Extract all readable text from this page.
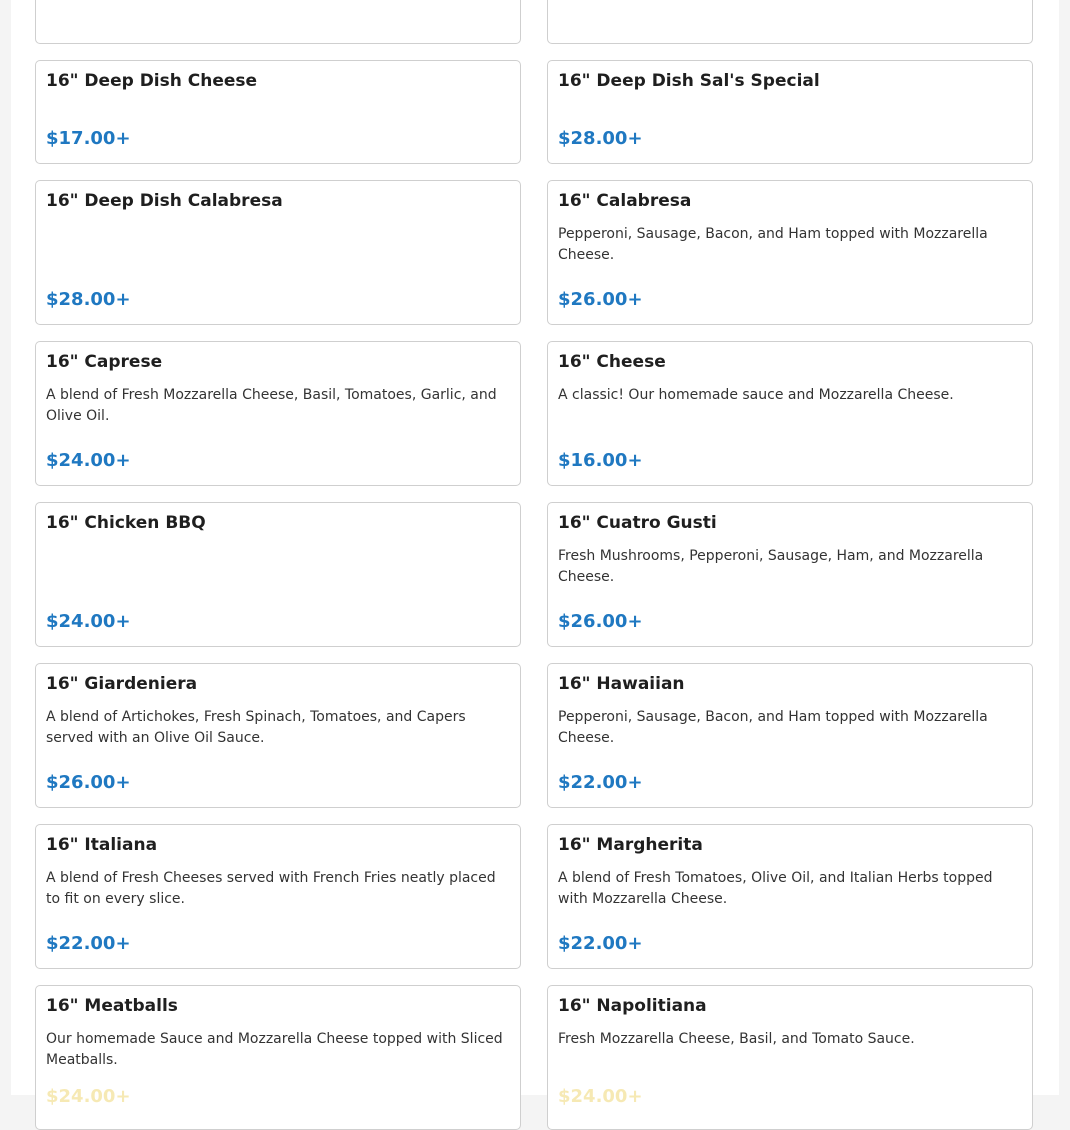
16" Deep Dish Cheese

$17.00+

16" Deep Dish Sal's Special

$28.00+

16" Deep Dish Calabresa

$28.00+

16" Calabresa

Pepperoni, Sausage, Bacon, and Ham topped with Mozzarella Cheese.

$26.00+

16" Caprese

A blend of Fresh Mozzarella Cheese, Basil, Tomatoes, Garlic, and Olive Oil.

$24.00+

16" Cheese

A classic! Our homemade sauce and Mozzarella Cheese.

$16.00+

16" Chicken BBQ

$24.00+

16" Cuatro Gusti

Fresh Mushrooms, Pepperoni, Sausage, Ham, and Mozzarella Cheese.

$26.00+

16" Giardeniera

A blend of Artichokes, Fresh Spinach, Tomatoes, and Capers served with an Olive Oil Sauce.

$26.00+

16" Hawaiian

Pepperoni, Sausage, Bacon, and Ham topped with Mozzarella Cheese.

$22.00+

16" Italiana

A blend of Fresh Cheeses served with French Fries neatly placed to fit on every slice.

$22.00+

16" Margherita

A blend of Fresh Tomatoes, Olive Oil, and Italian Herbs topped with Mozzarella Cheese.

$22.00+

16" Meatballs

Our homemade Sauce and Mozzarella Cheese topped with Sliced Meatballs.

$24.00+

16" Napolitiana

Fresh Mozzarella Cheese, Basil, and Tomato Sauce.

$24.00+
